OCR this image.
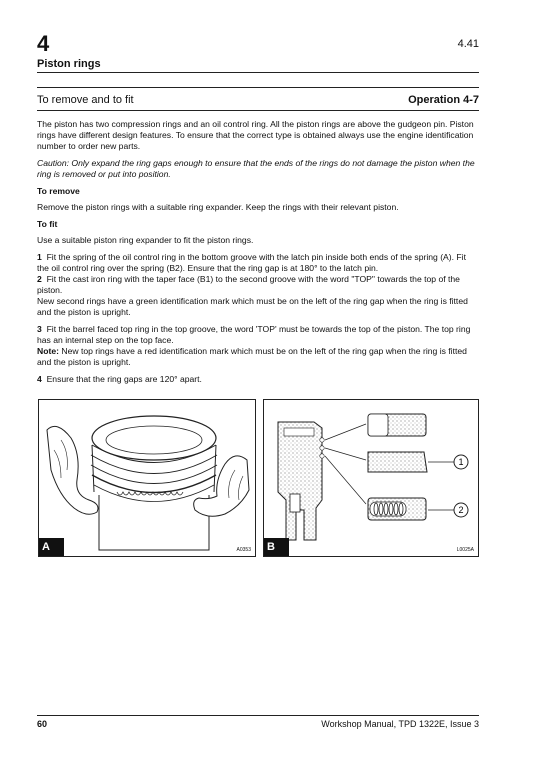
4	4.41
Piston rings
To remove and to fit	Operation 4-7

The piston has two compression rings and an oil control ring. All the piston rings are above the gudgeon pin. Piston rings have different design features. To ensure that the correct type is obtained always use the engine identification number to order new parts.

Caution: Only expand the ring gaps enough to ensure that the ends of the rings do not damage the piston when the ring is removed or put into position.

To remove

Remove the piston rings with a suitable ring expander. Keep the rings with their relevant piston.

To fit

Use a suitable piston ring expander to fit the piston rings.

1 Fit the spring of the oil control ring in the bottom groove with the latch pin inside both ends of the spring (A). Fit the oil control ring over the spring (B2). Ensure that the ring gap is at 180° to the latch pin.

2 Fit the cast iron ring with the taper face (B1) to the second groove with the word "TOP" towards the top of the piston.

New second rings have a green identification mark which must be on the left of the ring gap when the ring is fitted and the piston is upright.

3 Fit the barrel faced top ring in the top groove, the word 'TOP' must be towards the top of the piston. The top ring has an internal step on the top face.

Note: New top rings have a red identification mark which must be on the left of the ring gap when the ring is fitted and the piston is upright.

4 Ensure that the ring gaps are 120° apart.

A	A0353
1
2
B	L0025A
60	Workshop Manual, TPD 1322E, Issue 3
